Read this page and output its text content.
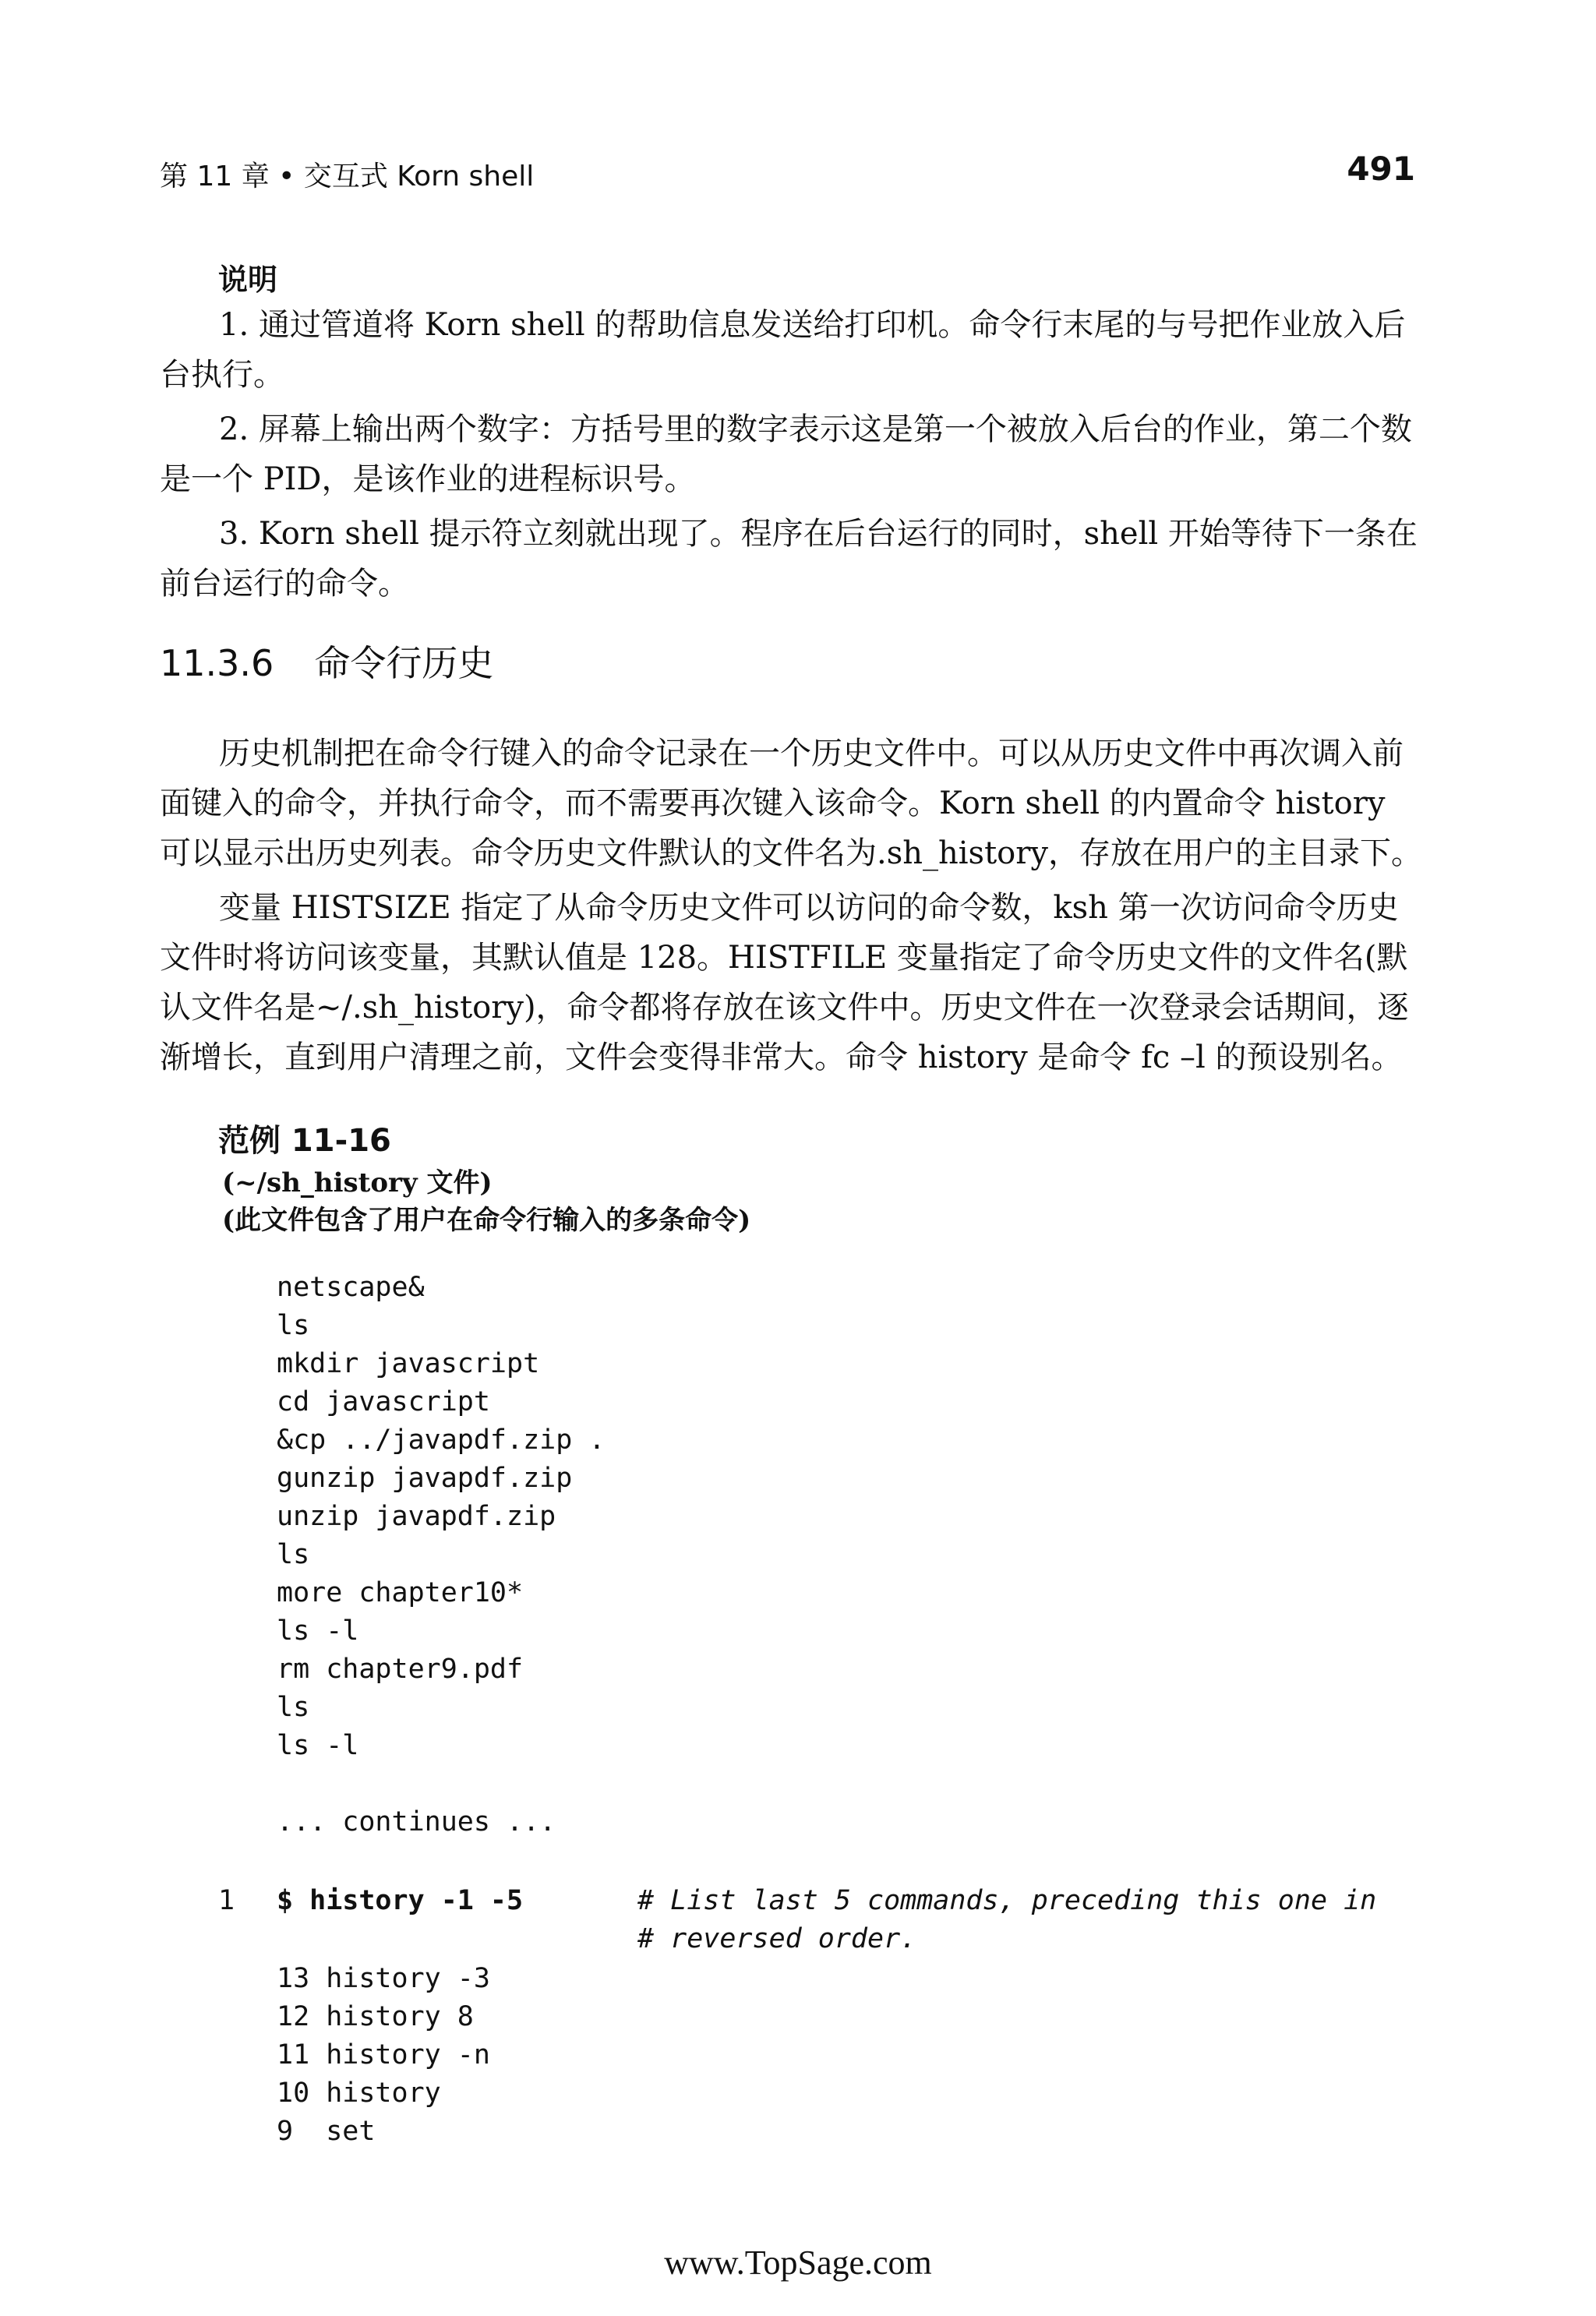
第 11 章 • 交互式 Korn shell	491
说明

1. 通过管道将 Korn shell 的帮助信息发送给打印机。命令行末尾的与号把作业放入后台执行。

2. 屏幕上输出两个数字：方括号里的数字表示这是第一个被放入后台的作业，第二个数是一个 PID，是该作业的进程标识号。

3. Korn shell 提示符立刻就出现了。程序在后台运行的同时，shell 开始等待下一条在前台运行的命令。

11.3.6 命令行历史

历史机制把在命令行键入的命令记录在一个历史文件中。可以从历史文件中再次调入前面键入的命令，并执行命令，而不需要再次键入该命令。Korn shell 的内置命令 history 可以显示出历史列表。命令历史文件默认的文件名为.sh_history，存放在用户的主目录下。

变量 HISTSIZE 指定了从命令历史文件可以访问的命令数，ksh 第一次访问命令历史文件时将访问该变量，其默认值是 128。HISTFILE 变量指定了命令历史文件的文件名(默认文件名是~/.sh_history)，命令都将存放在该文件中。历史文件在一次登录会话期间，逐渐增长，直到用户清理之前，文件会变得非常大。命令 history 是命令 fc –l 的预设别名。

范例 11-16
(~/sh_history 文件)
(此文件包含了用户在命令行输入的多条命令)
netscape&
ls
mkdir javascript
cd javascript
&cp ../javapdf.zip .
gunzip javapdf.zip
unzip javapdf.zip
ls
more chapter10*
ls -l
rm chapter9.pdf
ls
ls -l
... continues ...
1 $ history -1 -5	# List last 5 commands, preceding this one in
# reversed order.
13 history -3
12 history 8
11 history -n
10 history
9  set
www.TopSage.com
